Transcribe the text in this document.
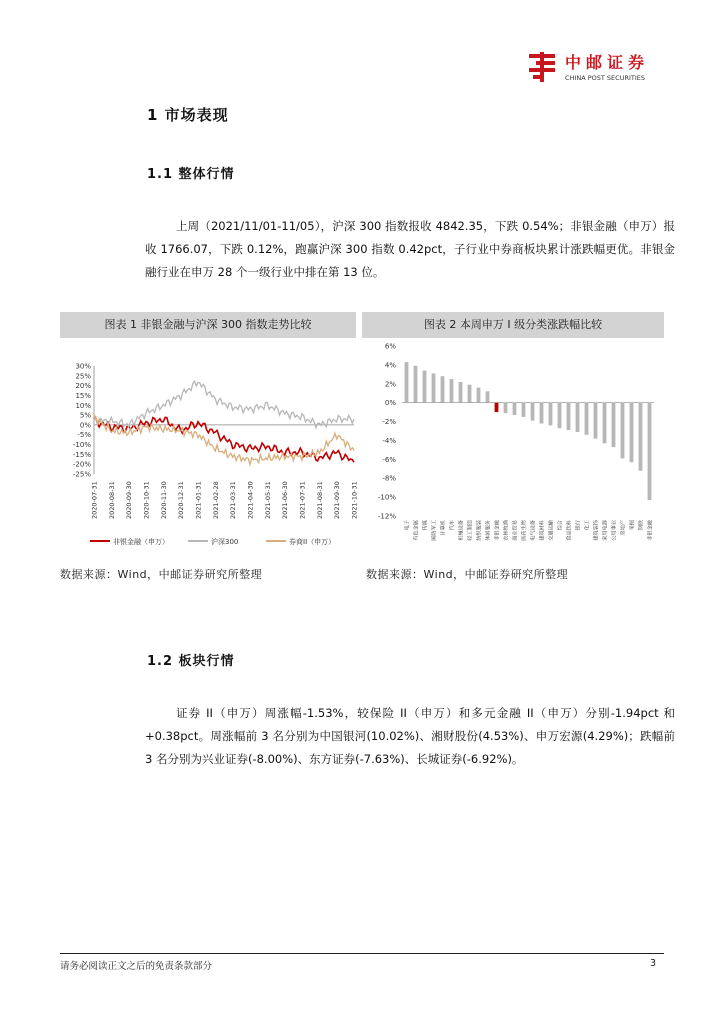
中邮证券
CHINA POST SECURITIES
1 市场表现
1.1 整体行情

上周（2021/11/01-11/05），沪深 300 指数报收 4842.35，下跌 0.54%；非银金融（申万）报收 1766.07，下跌 0.12%，跑赢沪深 300 指数 0.42pct，子行业中券商板块累计涨跌幅更优。非银金融行业在申万 28 个一级行业中排在第 13 位。

图表 1 非银金融与沪深 300 指数走势比较	图表 2 本周申万 I 级分类涨跌幅比较
30%
25%
20%
15%
10%
5%
0%
-5%
-10%
-15%
-20%
-25%
2020-07-31 2020-08-31 2020-09-30 2020-10-31 2020-11-30 2020-12-31 2021-01-31 2021-02-28 2021-03-31 2021-04-30 2021-05-31 2021-06-30 2021-07-31 2021-08-31 2021-09-30 2021-10-31
非银金融（申万）	沪深300	券商II（申万）
6%
4%
2%
0%
-2%
-4%
-6%
-8%
-10%
-12%
电子 有色金属 传媒 国防军工 计算机 汽车 机械设备 轻工制造 纺织服装 休闲服务 非银金融 农林牧渔 商业贸易 医药生物 电气设备 建筑材料 交通运输 综合 食品饮料 银行 化工 建筑装饰 家用电器 公用事业 房地产 采掘 钢铁 非银金融
数据来源：Wind，中邮证券研究所整理	数据来源：Wind，中邮证券研究所整理
1.2 板块行情

证券 II（申万）周涨幅-1.53%，较保险 II（申万）和多元金融 II（申万）分别-1.94pct 和+0.38pct。周涨幅前 3 名分别为中国银河(10.02%)、湘财股份(4.53%)、申万宏源(4.29%)；跌幅前 3 名分别为兴业证券(-8.00%)、东方证券(-7.63%)、长城证券(-6.92%)。

请务必阅读正文之后的免责条款部分	3
